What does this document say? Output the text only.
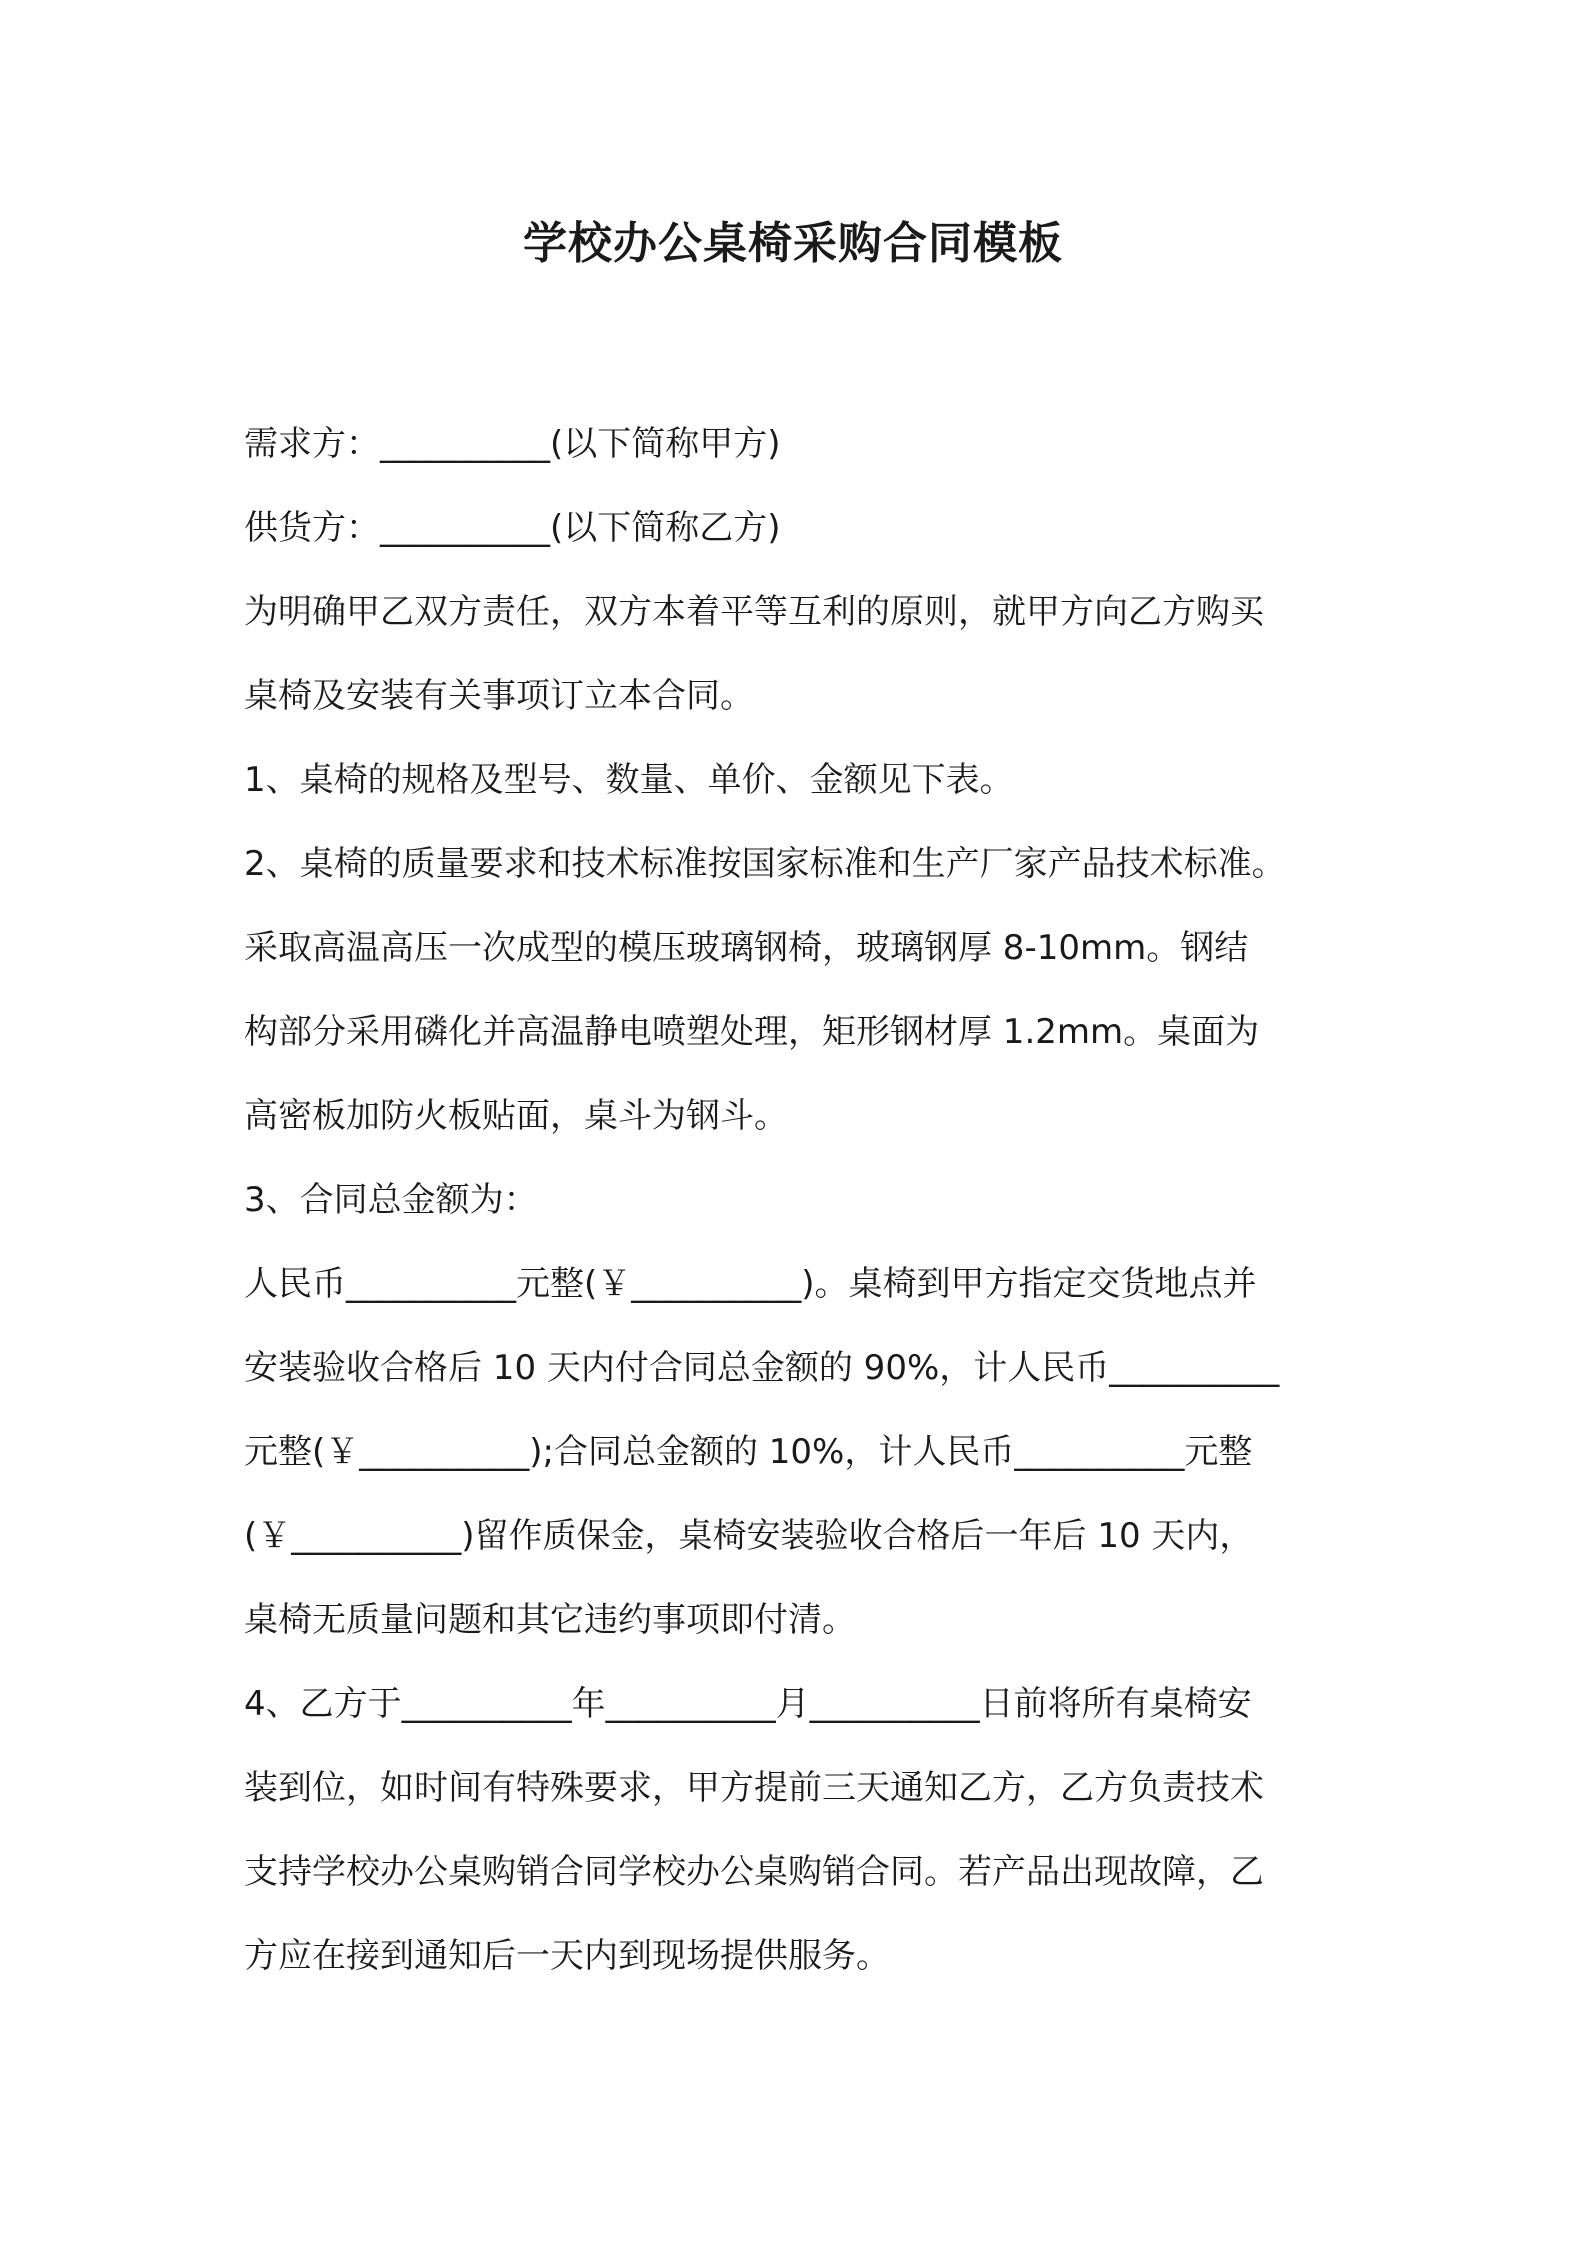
学校办公桌椅采购合同模板

需求方：__________(以下简称甲方)

供货方：__________(以下简称乙方)

为明确甲乙双方责任，双方本着平等互利的原则，就甲方向乙方购买

桌椅及安装有关事项订立本合同。

1、桌椅的规格及型号、数量、单价、金额见下表。

2、桌椅的质量要求和技术标准按国家标准和生产厂家产品技术标准。

采取高温高压一次成型的模压玻璃钢椅，玻璃钢厚 8-10mm。钢结

构部分采用磷化并高温静电喷塑处理，矩形钢材厚 1.2mm。桌面为

高密板加防火板贴面，桌斗为钢斗。

3、合同总金额为：

人民币__________元整(￥__________)。桌椅到甲方指定交货地点并

安装验收合格后 10 天内付合同总金额的 90%，计人民币__________

元整(￥__________);合同总金额的 10%，计人民币__________元整

(￥__________)留作质保金，桌椅安装验收合格后一年后 10 天内，

桌椅无质量问题和其它违约事项即付清。

4、乙方于__________年__________月__________日前将所有桌椅安

装到位，如时间有特殊要求，甲方提前三天通知乙方，乙方负责技术

支持学校办公桌购销合同学校办公桌购销合同。若产品出现故障，乙

方应在接到通知后一天内到现场提供服务。
